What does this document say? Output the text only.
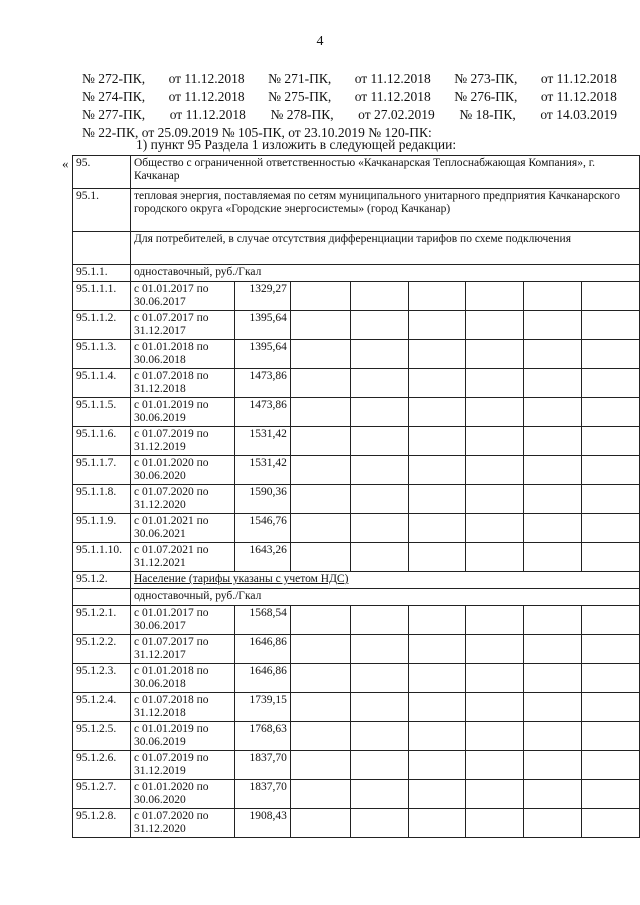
4
№ 272-ПК, от 11.12.2018 № 271-ПК, от 11.12.2018 № 273-ПК, от 11.12.2018
№ 274-ПК, от 11.12.2018 № 275-ПК, от 11.12.2018 № 276-ПК, от 11.12.2018
№ 277-ПК, от 11.12.2018 № 278-ПК, от 27.02.2019 № 18-ПК, от 14.03.2019
№ 22-ПК, от 25.09.2019 № 105-ПК, от 23.10.2019 № 120-ПК:
1) пункт 95 Раздела 1 изложить в следующей редакции:
« 95.	Общество с ограниченной ответственностью «Качканарская Теплоснабжающая Компания», г. Качканар							
95.1.	тепловая энергия, поставляемая по сетям муниципального унитарного предприятия Качканарского городского округа «Городские энергосистемы» (город Качканар)							
	Для потребителей, в случае отсутствия дифференциации тарифов по схеме подключения							
95.1.1.	одноставочный, руб./Гкал							
95.1.1.1.	с 01.01.2017 по 30.06.2017	1329,27						
95.1.1.2.	с 01.07.2017 по 31.12.2017	1395,64						
95.1.1.3.	с 01.01.2018 по 30.06.2018	1395,64						
95.1.1.4.	с 01.07.2018 по 31.12.2018	1473,86						
95.1.1.5.	с 01.01.2019 по 30.06.2019	1473,86						
95.1.1.6.	с 01.07.2019 по 31.12.2019	1531,42						
95.1.1.7.	с 01.01.2020 по 30.06.2020	1531,42						
95.1.1.8.	с 01.07.2020 по 31.12.2020	1590,36						
95.1.1.9.	с 01.01.2021 по 30.06.2021	1546,76						
95.1.1.10.	с 01.07.2021 по 31.12.2021	1643,26						
95.1.2.	Население (тарифы указаны с учетом НДС)							
	одноставочный, руб./Гкал							
95.1.2.1.	с 01.01.2017 по 30.06.2017	1568,54						
95.1.2.2.	с 01.07.2017 по 31.12.2017	1646,86						
95.1.2.3.	с 01.01.2018 по 30.06.2018	1646,86						
95.1.2.4.	с 01.07.2018 по 31.12.2018	1739,15						
95.1.2.5.	с 01.01.2019 по 30.06.2019	1768,63						
95.1.2.6.	с 01.07.2019 по 31.12.2019	1837,70						
95.1.2.7.	с 01.01.2020 по 30.06.2020	1837,70						
95.1.2.8.	с 01.07.2020 по 31.12.2020	1908,43						
